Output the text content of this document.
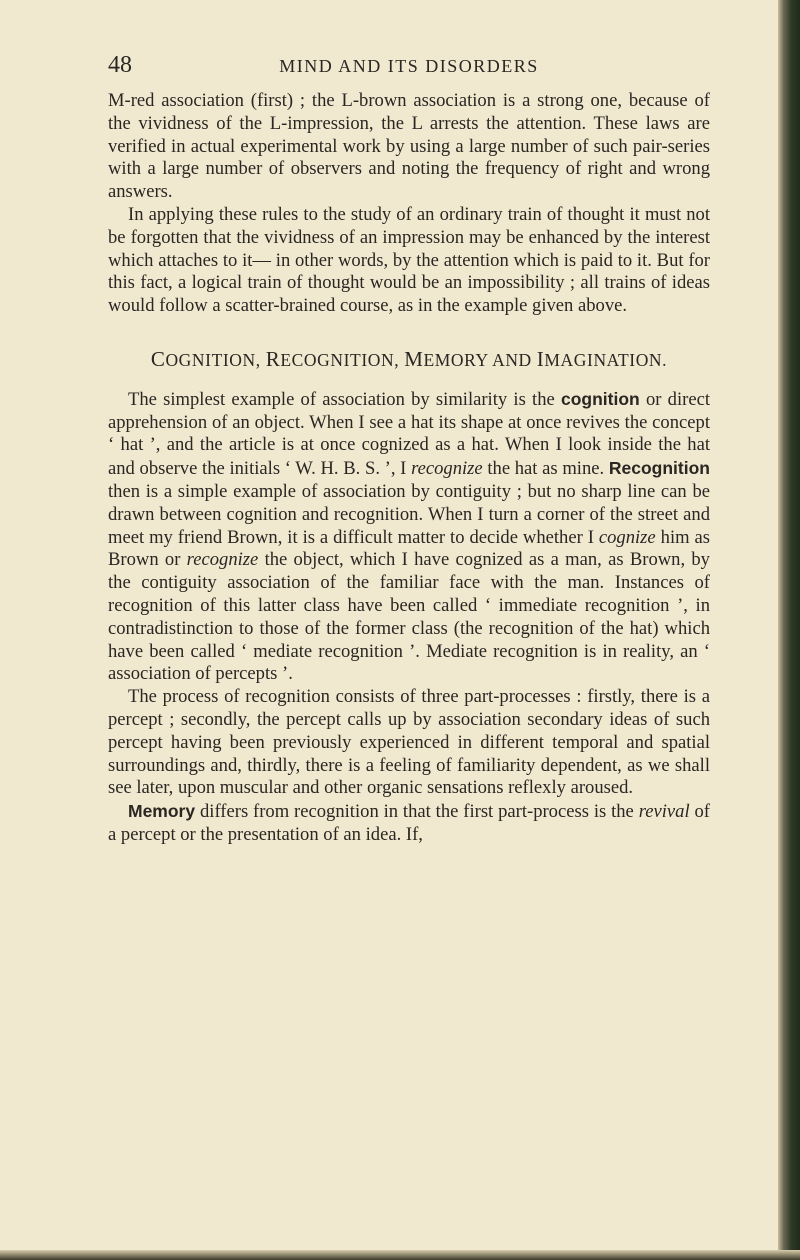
48	MIND AND ITS DISORDERS

M-red association (first) ; the L-brown association is a strong one, because of the vividness of the L-impression, the L arrests the attention. These laws are verified in actual experimental work by using a large number of such pair-series with a large number of observers and noting the frequency of right and wrong answers.

In applying these rules to the study of an ordinary train of thought it must not be forgotten that the vividness of an impression may be enhanced by the interest which attaches to it— in other words, by the attention which is paid to it. But for this fact, a logical train of thought would be an impossibility ; all trains of ideas would follow a scatter-brained course, as in the example given above.

COGNITION, RECOGNITION, MEMORY AND IMAGINATION.

The simplest example of association by similarity is the cognition or direct apprehension of an object. When I see a hat its shape at once revives the concept ‘ hat ’, and the article is at once cognized as a hat. When I look inside the hat and observe the initials ‘ W. H. B. S. ’, I recognize the hat as mine. Recognition then is a simple example of association by contiguity ; but no sharp line can be drawn between cognition and recognition. When I turn a corner of the street and meet my friend Brown, it is a difficult matter to decide whether I cognize him as Brown or recognize the object, which I have cognized as a man, as Brown, by the contiguity association of the familiar face with the man. Instances of recognition of this latter class have been called ‘ immediate recognition ’, in contradistinction to those of the former class (the recognition of the hat) which have been called ‘ mediate recognition ’. Mediate recognition is in reality, an ‘ association of percepts ’.

The process of recognition consists of three part-processes : firstly, there is a percept ; secondly, the percept calls up by association secondary ideas of such percept having been previously experienced in different temporal and spatial surroundings and, thirdly, there is a feeling of familiarity dependent, as we shall see later, upon muscular and other organic sensations reflexly aroused.

Memory differs from recognition in that the first part-process is the revival of a percept or the presentation of an idea. If,
